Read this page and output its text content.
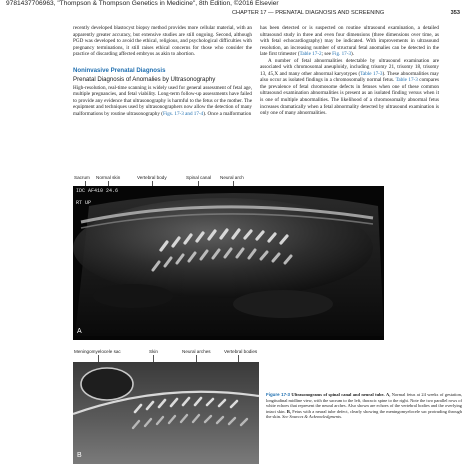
9781437706963, "Thompson & Thompson Genetics in Medicine", 8th Edition, ©2016 Elsevier
CHAPTER 17 — PRENATAL DIAGNOSIS AND SCREENING	353

recently developed blastocyst biopsy method provides more cellular material, with an apparently greater accuracy, but extensive studies are still ongoing. Second, although PGD was developed to avoid the ethical, religious, and psychological difficulties with pregnancy terminations, it still raises ethical concerns for those who consider the practice of discarding affected embryos as akin to abortion.

Noninvasive Prenatal Diagnosis
Prenatal Diagnosis of Anomalies by Ultrasonography

High-resolution, real-time scanning is widely used for general assessment of fetal age, multiple pregnancies, and fetal viability. Long-term follow-up assessments have failed to provide any evidence that ultrasonography is harmful to the fetus or the mother. The equipment and techniques used by ultrasonographers now allow the detection of many malformations by routine ultrasonography (Figs. 17-3 and 17-4). Once a malformation

has been detected or is suspected on routine ultrasound examination, a detailed ultrasound study in three and even four dimensions (three dimensions over time, as with fetal echocardiography) may be indicated. With improvements in ultrasound resolution, an increasing number of structural fetal anomalies can be detected in the late first trimester (Table 17-2; see Fig. 17-3).

A number of fetal abnormalities detectable by ultrasound examination are associated with chromosomal aneuploidy, including trisomy 21, trisomy 18, trisomy 13, 45,X and many other abnormal karyotypes (Table 17-3). These abnormalities may also occur as isolated findings in a chromosomally normal fetus. Table 17-3 compares the prevalence of fetal chromosome defects in fetuses when one of these common ultrasound examination abnormalities is present as an isolated finding versus when it is one of multiple abnormalities. The likelihood of a chromosomally abnormal fetus increases dramatically when a fetal abnormality detected by ultrasound examination is only one of many abnormalities.

Sacrum Normal skin	Vertebral body	Spinal canal Neural arch
IDC AF410 24.6
RT UP
A
Meningomyelocele sac	Skin	Neural arches	Vertebral bodies
B
Figure 17-3 Ultrasonograms of spinal canal and neural tube. A, Normal fetus at 24 weeks of gestation, longitudinal midline view, with the sacrum to the left, thoracic spine to the right. Note the two parallel rows of white echoes that represent the neural arches. Also shown are echoes of the vertebral bodies and the overlying intact skin. B, Fetus with a neural tube defect, clearly showing the meningomyelocele sac protruding through the skin. See Sources & Acknowledgments.
